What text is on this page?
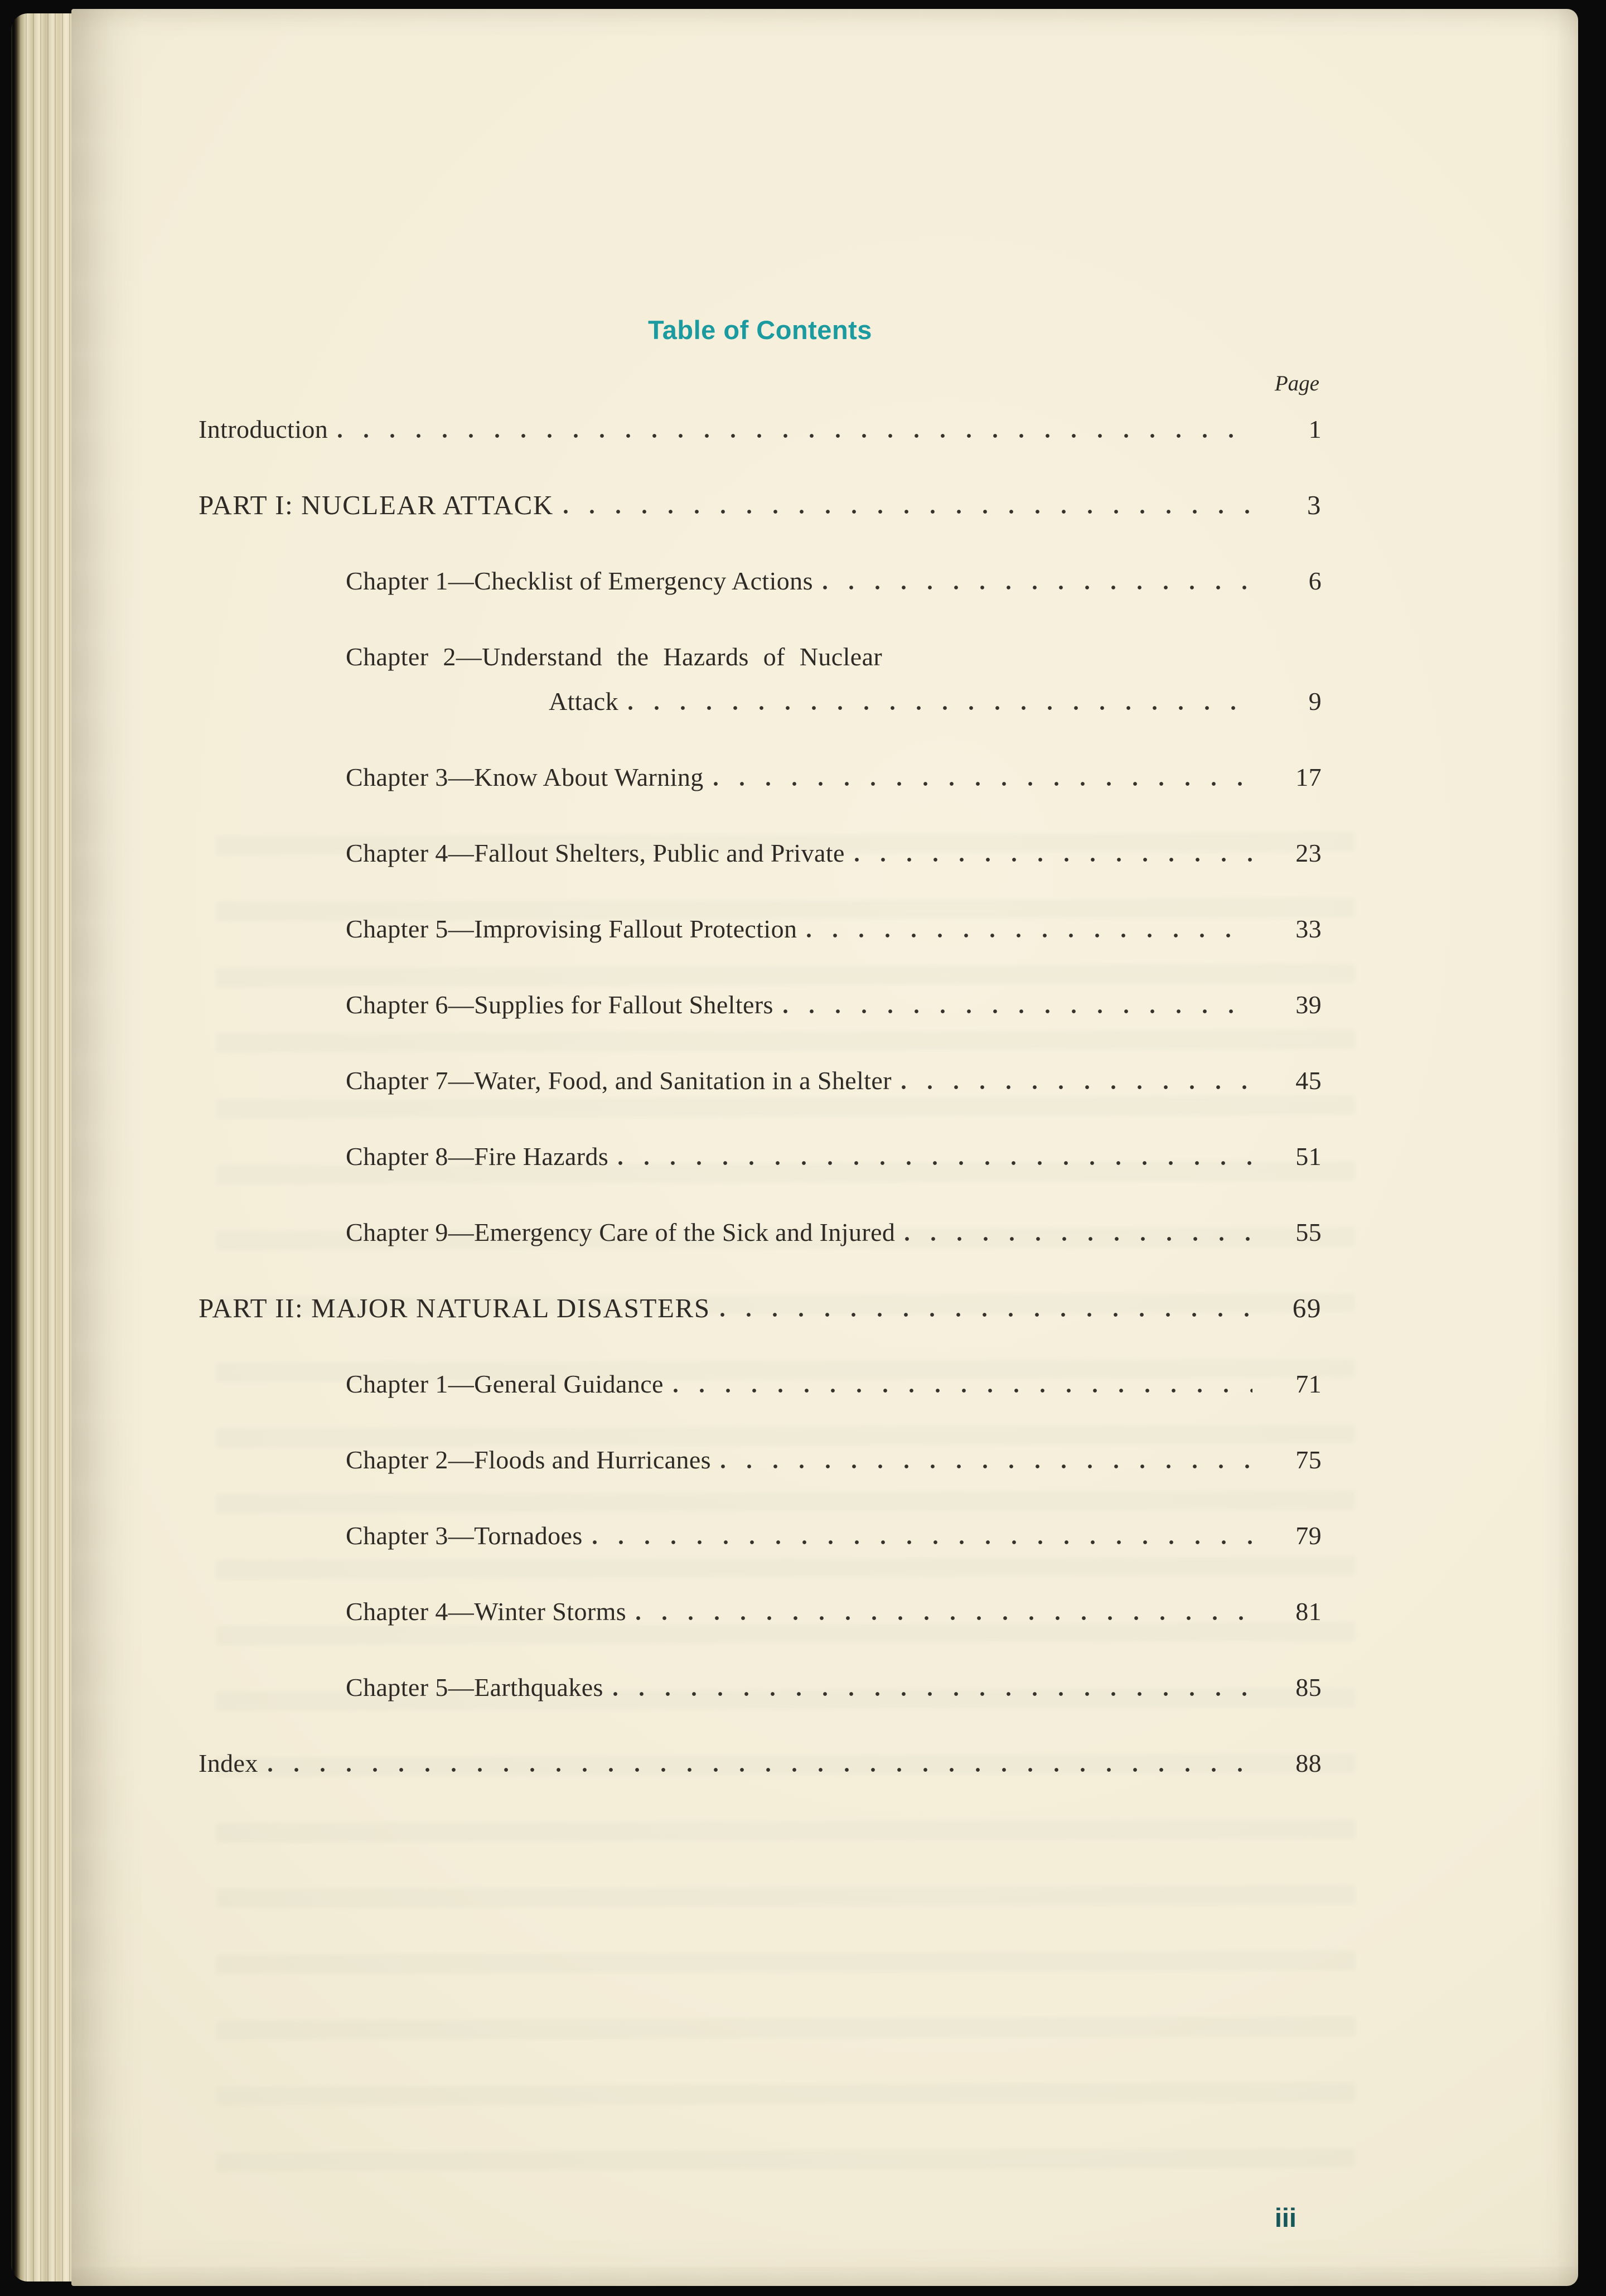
Table of Contents
Page
Introduction	1
PART I: NUCLEAR ATTACK	3
Chapter 1—Checklist of Emergency Actions	6
Chapter 2—Understand the Hazards of Nuclear
Attack	9
Chapter 3—Know About Warning	17
Chapter 4—Fallout Shelters, Public and Private	23
Chapter 5—Improvising Fallout Protection	33
Chapter 6—Supplies for Fallout Shelters	39
Chapter 7—Water, Food, and Sanitation in a Shelter	45
Chapter 8—Fire Hazards	51
Chapter 9—Emergency Care of the Sick and Injured	55
PART II: MAJOR NATURAL DISASTERS	69
Chapter 1—General Guidance	71
Chapter 2—Floods and Hurricanes	75
Chapter 3—Tornadoes	79
Chapter 4—Winter Storms	81
Chapter 5—Earthquakes	85
Index	88
iii
